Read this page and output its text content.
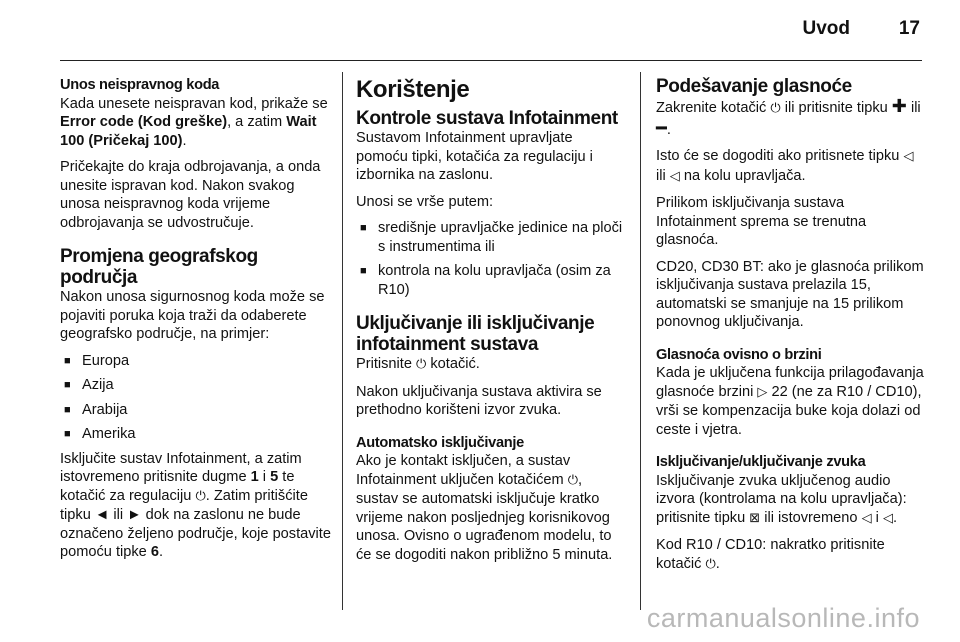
Uvod	17
Unos neispravnog koda

Kada unesete neispravan kod, prikaže se Error code (Kod greške), a zatim Wait 100 (Pričekaj 100).

Pričekajte do kraja odbrojavanja, a onda unesite ispravan kod. Nakon svakog unosa neispravnog koda vrijeme odbrojavanja se udvostručuje.

Promjena geografskog područja

Nakon unosa sigurnosnog koda može se pojaviti poruka koja traži da odaberete geografsko područje, na primjer:

■ Europa
■ Azija
■ Arabija
■ Amerika

Isključite sustav Infotainment, a zatim istovremeno pritisnite dugme 1 i 5 te kotačić za regulaciju ⏻. Zatim pritišćite tipku ◄ ili ► dok na zaslonu ne bude označeno željeno područje, koje postavite pomoću tipke 6.

Korištenje
Kontrole sustava Infotainment

Sustavom Infotainment upravljate pomoću tipki, kotačića za regulaciju i izbornika na zaslonu.

Unosi se vrše putem:

■ središnje upravljačke jedinice na ploči s instrumentima ili
■ kontrola na kolu upravljača (osim za R10)
Uključivanje ili isključivanje infotainment sustava

Pritisnite ⏻ kotačić.

Nakon uključivanja sustava aktivira se prethodno korišteni izvor zvuka.

Automatsko isključivanje

Ako je kontakt isključen, a sustav Infotainment uključen kotačićem ⏻, sustav se automatski isključuje kratko vrijeme nakon posljednjeg korisnikovog unosa. Ovisno o ugrađenom modelu, to će se dogoditi nakon približno 5 minuta.

Podešavanje glasnoće

Zakrenite kotačić ⏻ ili pritisnite tipku ✚ ili ━.

Isto će se dogoditi ako pritisnete tipku ◁ ili ◁ na kolu upravljača.

Prilikom isključivanja sustava Infotainment sprema se trenutna glasnoća.

CD20, CD30 BT: ako je glasnoća prilikom isključivanja sustava prelazila 15, automatski se smanjuje na 15 prilikom ponovnog uključivanja.

Glasnoća ovisno o brzini

Kada je uključena funkcija prilagođavanja glasnoće brzini ▷ 22 (ne za R10 / CD10), vrši se kompenzacija buke koja dolazi od ceste i vjetra.

Isključivanje/uključivanje zvuka

Isključivanje zvuka uključenog audio izvora (kontrolama na kolu upravljača): pritisnite tipku ⊠ ili istovremeno ◁ i ◁.

Kod R10 / CD10: nakratko pritisnite kotačić ⏻.

carmanualsonline.info
